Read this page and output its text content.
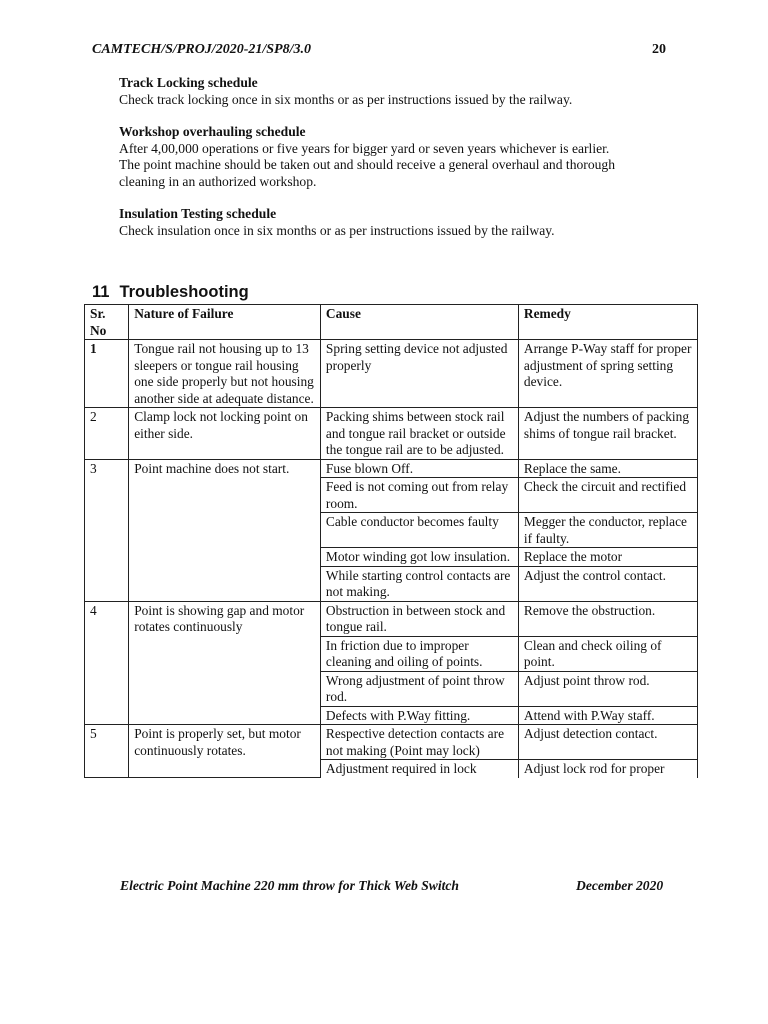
CAMTECH/S/PROJ/2020-21/SP8/3.0	20
Track Locking schedule
Check track locking once in six months or as per instructions issued by the railway.
Workshop overhauling schedule
After 4,00,000 operations or five years for bigger yard or seven years whichever is earlier.
The point machine should be taken out and should receive a general overhaul and thorough
cleaning in an authorized workshop.
Insulation Testing schedule
Check insulation once in six months or as per instructions issued by the railway.
11 Troubleshooting
Sr. No	Nature of Failure	Cause	Remedy
1	Tongue rail not housing up to 13 sleepers or tongue rail housing one side properly but not housing another side at adequate distance.	Spring setting device not adjusted properly	Arrange P-Way staff for proper adjustment of spring setting device.
2	Clamp lock not locking point on either side.	Packing shims between stock rail and tongue rail bracket or outside the tongue rail are to be adjusted.	Adjust the numbers of packing shims of tongue rail bracket.
3	Point machine does not start.	Fuse blown Off.	Replace the same.
		Feed is not coming out from relay room.	Check the circuit and rectified
		Cable conductor becomes faulty	Megger the conductor, replace if faulty.
		Motor winding got low insulation.	Replace the motor
		While starting control contacts are not making.	Adjust the control contact.
4	Point is showing gap and motor rotates continuously	Obstruction in between stock and tongue rail.	Remove the obstruction.
		In friction due to improper cleaning and oiling of points.	Clean and check oiling of point.
		Wrong adjustment of point throw rod.	Adjust point throw rod.
		Defects with P.Way fitting.	Attend with P.Way staff.
5	Point is properly set, but motor continuously rotates.	Respective detection contacts are not making (Point may lock)	Adjust detection contact.
		Adjustment required in lock	Adjust lock rod for proper
Electric Point Machine 220 mm throw for Thick Web Switch	December 2020
